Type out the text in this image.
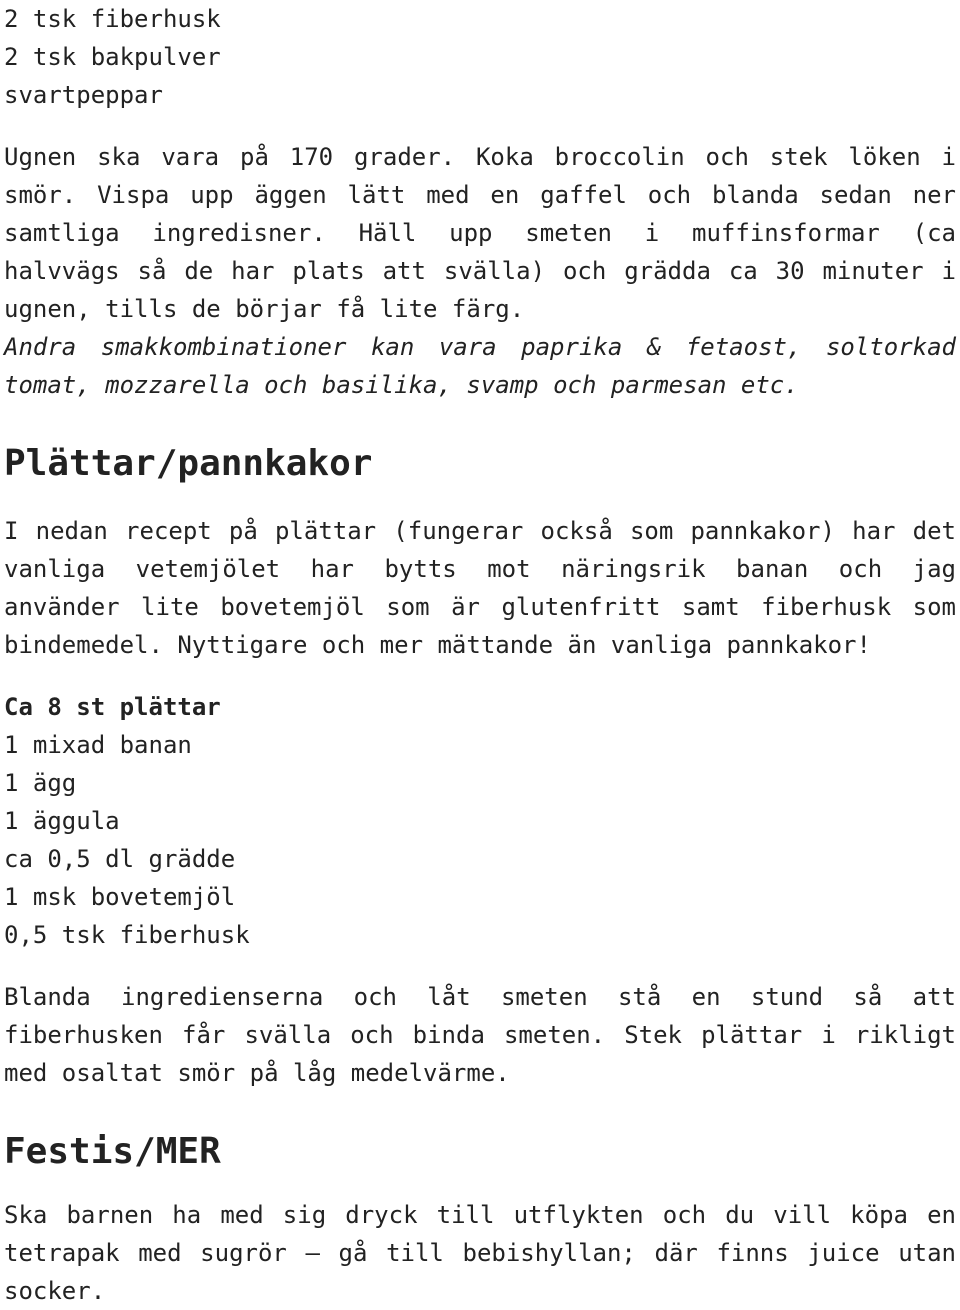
2 tsk fiberhusk
2 tsk bakpulver
svartpeppar

Ugnen ska vara på 170 grader. Koka broccolin och stek löken i smör. Vispa upp äggen lätt med en gaffel och blanda sedan ner samtliga ingredisner. Häll upp smeten i muffinsformar (ca halvvägs så de har plats att svälla) och grädda ca 30 minuter i ugnen, tills de börjar få lite färg.

Andra smakkombinationer kan vara paprika & fetaost, soltorkad tomat, mozzarella och basilika, svamp och parmesan etc.

Plättar/pannkakor

I nedan recept på plättar (fungerar också som pannkakor) har det vanliga vetemjölet har bytts mot näringsrik banan och jag använder lite bovetemjöl som är glutenfritt samt fiberhusk som bindemedel. Nyttigare och mer mättande än vanliga pannkakor!

Ca 8 st plättar
1 mixad banan
1 ägg
1 äggula
ca 0,5 dl grädde
1 msk bovetemjöl
0,5 tsk fiberhusk

Blanda ingredienserna och låt smeten stå en stund så att fiberhusken får svälla och binda smeten. Stek plättar i rikligt med osaltat smör på låg medelvärme.

Festis/MER

Ska barnen ha med sig dryck till utflykten och du vill köpa en tetrapak med sugrör – gå till bebishyllan; där finns juice utan socker.
